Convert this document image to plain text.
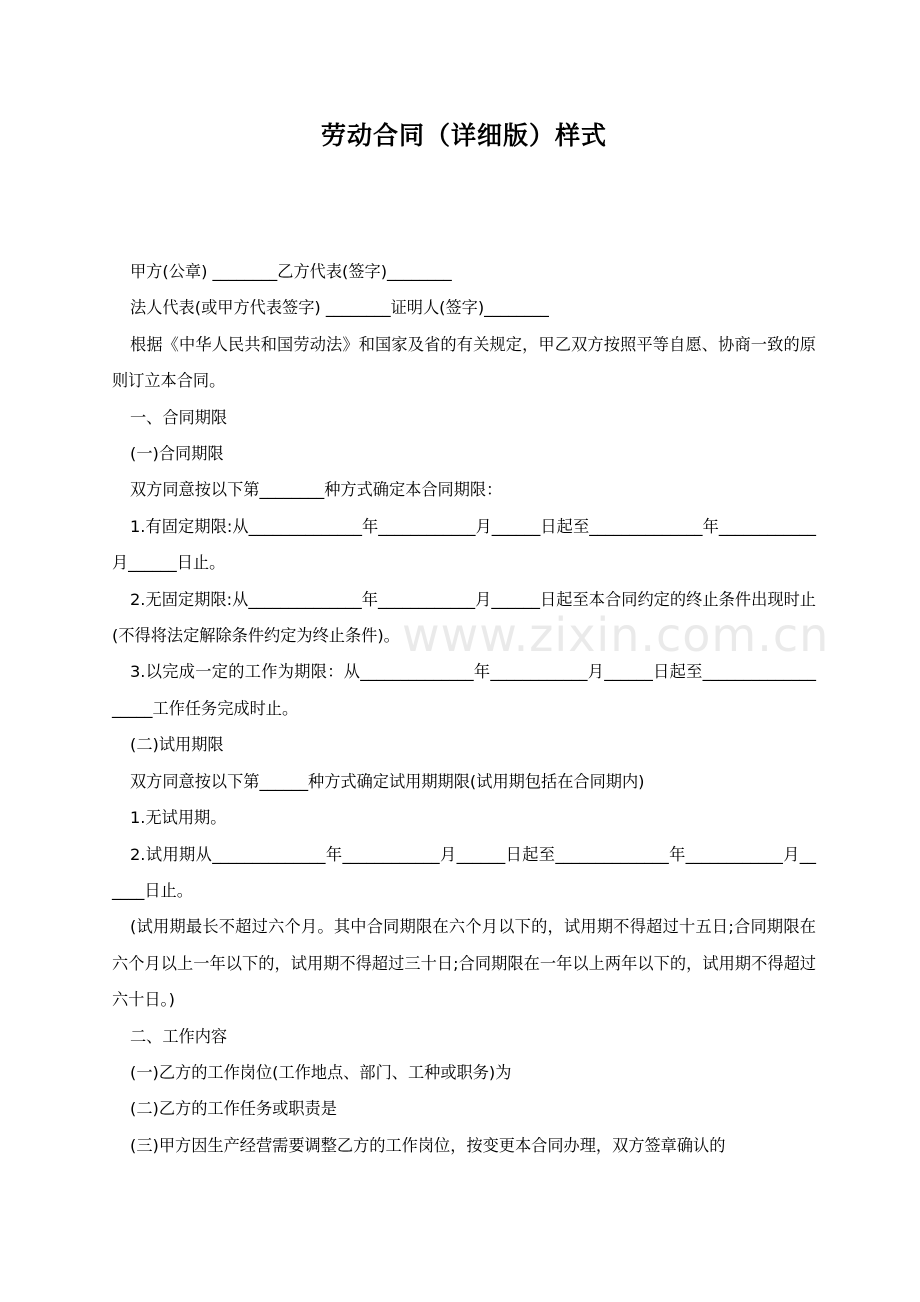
劳动合同（详细版）样式

甲方(公章) ________乙方代表(签字)________

法人代表(或甲方代表签字) ________证明人(签字)________

根据《中华人民共和国劳动法》和国家及省的有关规定，甲乙双方按照平等自愿、协商一致的原则订立本合同。

一、合同期限

(一)合同期限

双方同意按以下第________种方式确定本合同期限：

1.有固定期限:从______________年____________月______日起至______________年____________月______日止。

2.无固定期限:从______________年____________月______日起至本合同约定的终止条件出现时止(不得将法定解除条件约定为终止条件)。

3.以完成一定的工作为期限：从______________年____________月______日起至___________________工作任务完成时止。

(二)试用期限

双方同意按以下第______种方式确定试用期期限(试用期包括在合同期内)

1.无试用期。

2.试用期从______________年____________月______日起至______________年____________月______日止。

(试用期最长不超过六个月。其中合同期限在六个月以下的，试用期不得超过十五日;合同期限在六个月以上一年以下的，试用期不得超过三十日;合同期限在一年以上两年以下的，试用期不得超过六十日。)

二、工作内容

(一)乙方的工作岗位(工作地点、部门、工种或职务)为

(二)乙方的工作任务或职责是

(三)甲方因生产经营需要调整乙方的工作岗位，按变更本合同办理，双方签章确认的

www.zixin.com.cn
